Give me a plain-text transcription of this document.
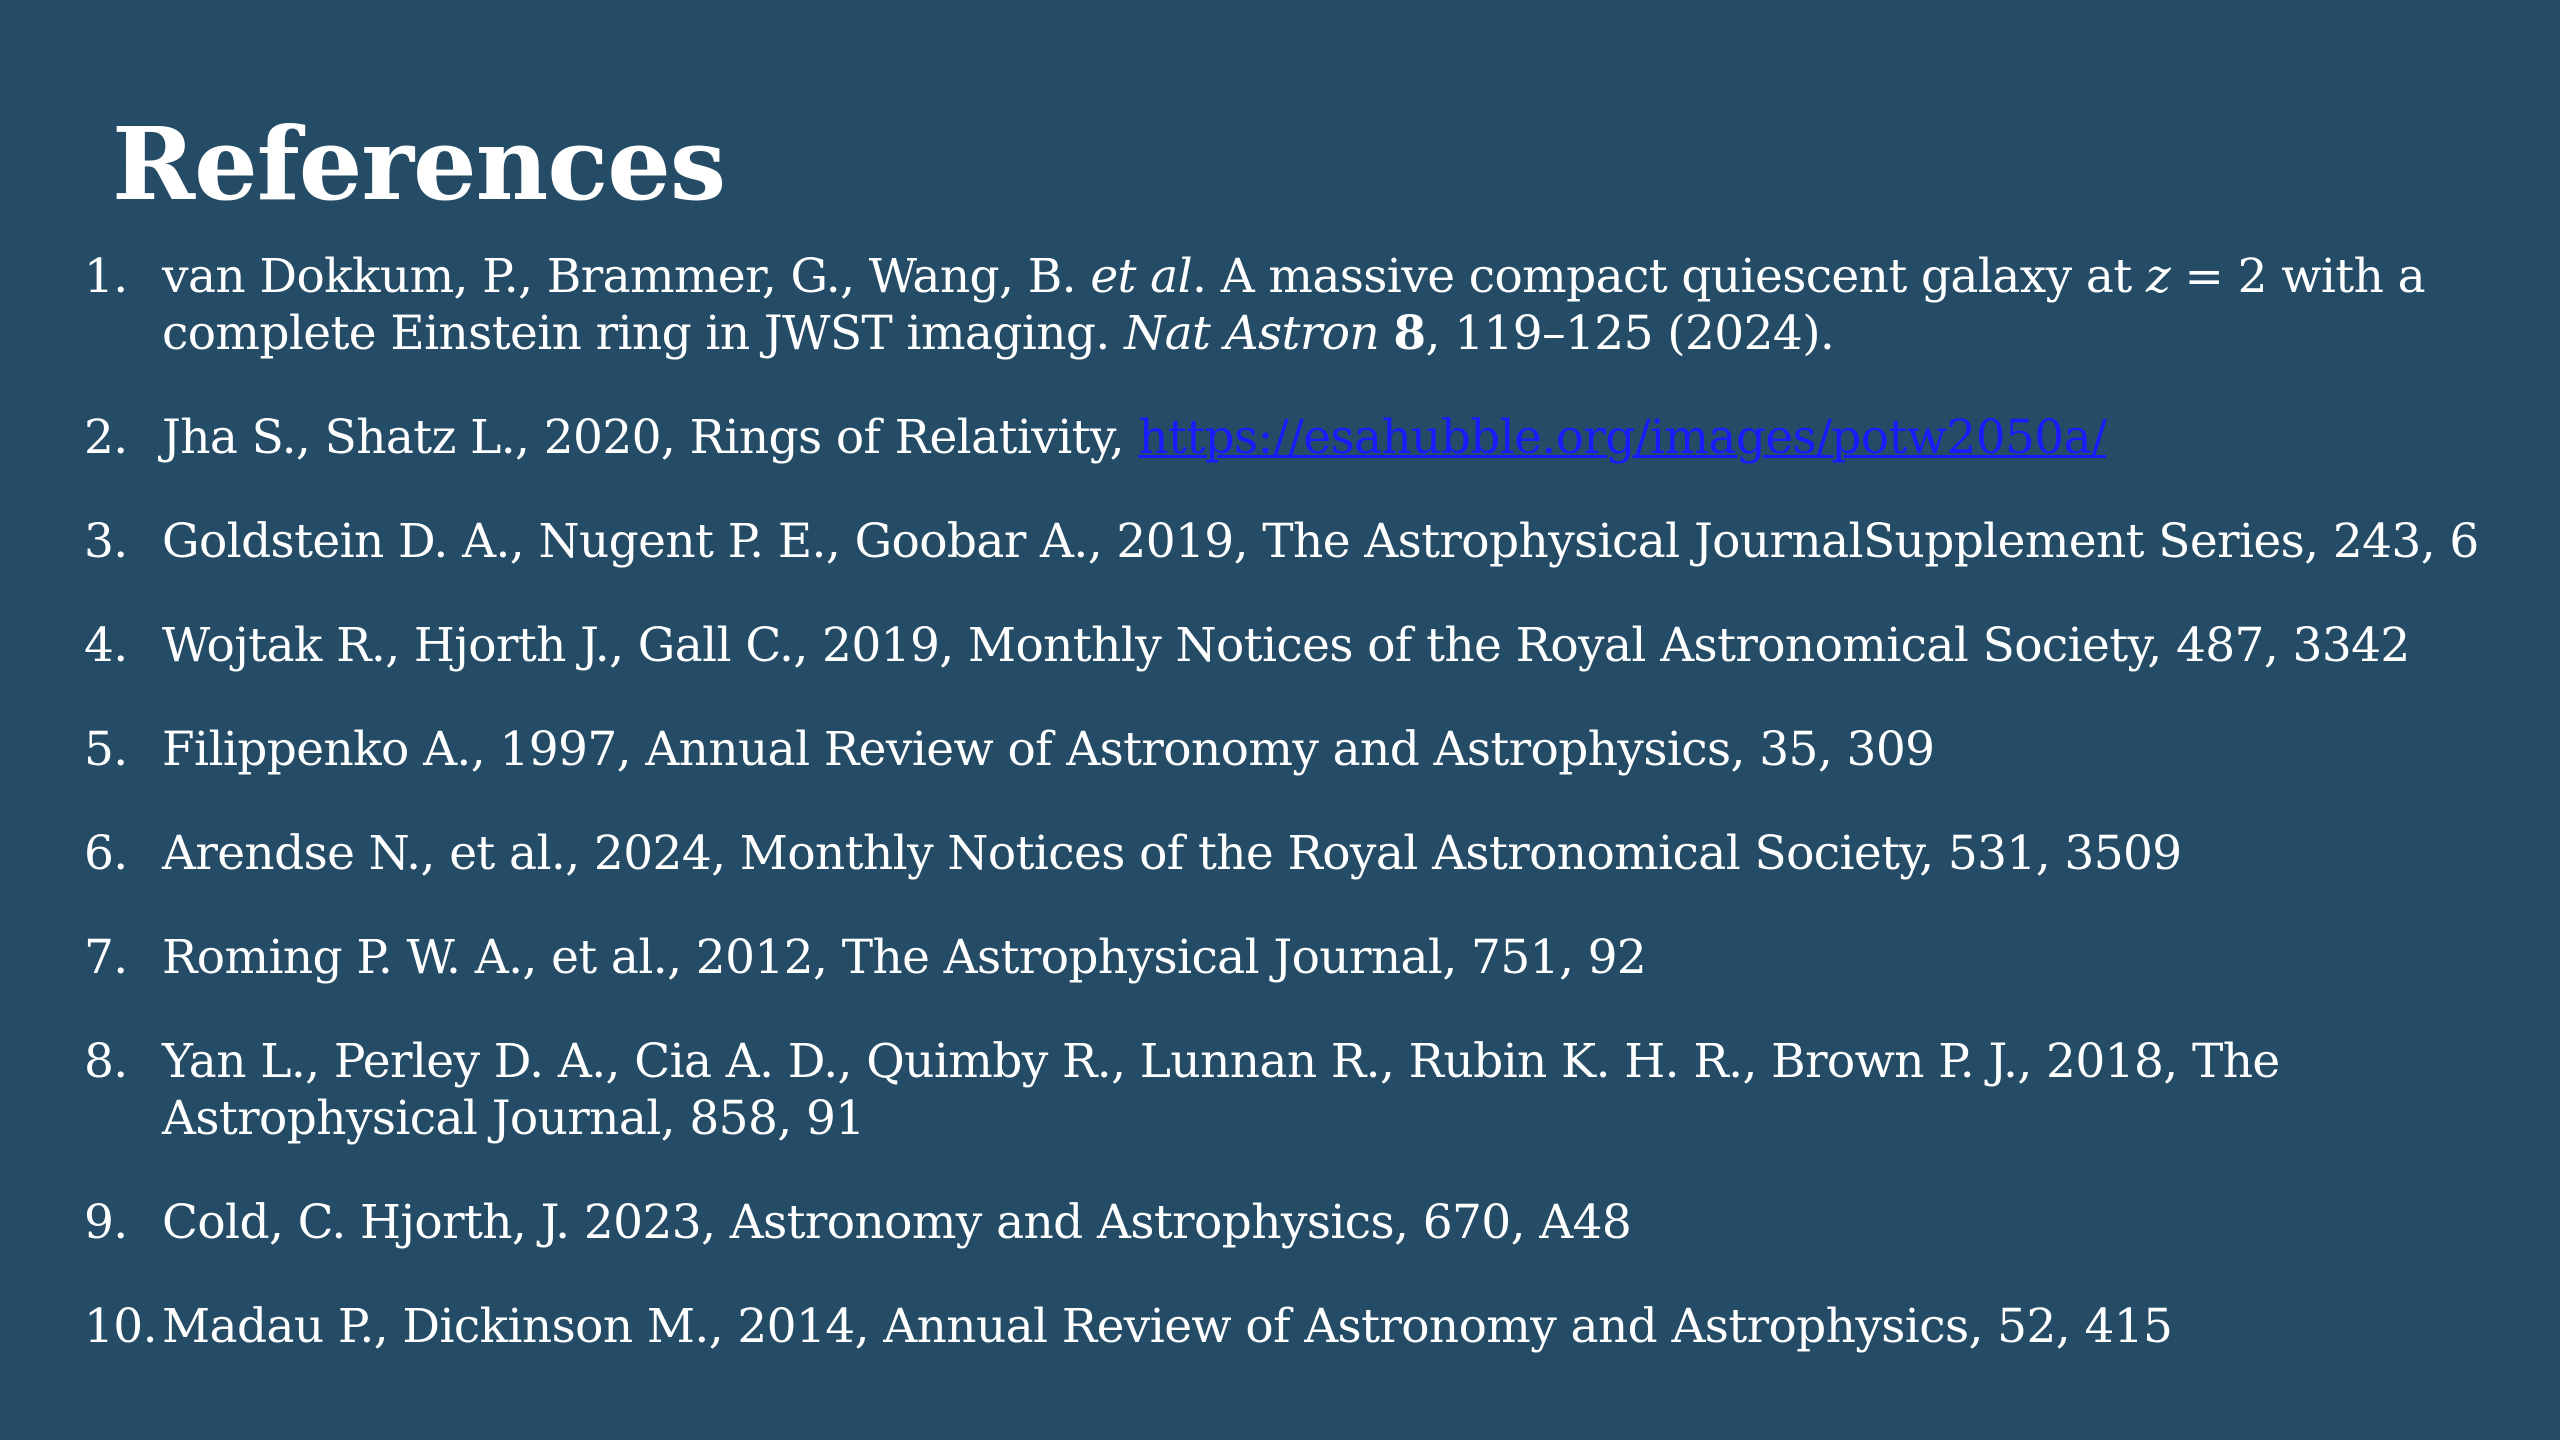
References
1. van Dokkum, P., Brammer, G., Wang, B. et al. A massive compact quiescent galaxy at z = 2 with a complete Einstein ring in JWST imaging. Nat Astron 8, 119–125 (2024).
2. Jha S., Shatz L., 2020, Rings of Relativity, https://esahubble.org/images/potw2050a/
3. Goldstein D. A., Nugent P. E., Goobar A., 2019, The Astrophysical JournalSupplement Series, 243, 6
4. Wojtak R., Hjorth J., Gall C., 2019, Monthly Notices of the Royal Astronomical Society, 487, 3342
5. Filippenko A., 1997, Annual Review of Astronomy and Astrophysics, 35, 309
6. Arendse N., et al., 2024, Monthly Notices of the Royal Astronomical Society, 531, 3509
7. Roming P. W. A., et al., 2012, The Astrophysical Journal, 751, 92
8. Yan L., Perley D. A., Cia A. D., Quimby R., Lunnan R., Rubin K. H. R., Brown P. J., 2018, The Astrophysical Journal, 858, 91
9. Cold, C. Hjorth, J. 2023, Astronomy and Astrophysics, 670, A48
10. Madau P., Dickinson M., 2014, Annual Review of Astronomy and Astrophysics, 52, 415
